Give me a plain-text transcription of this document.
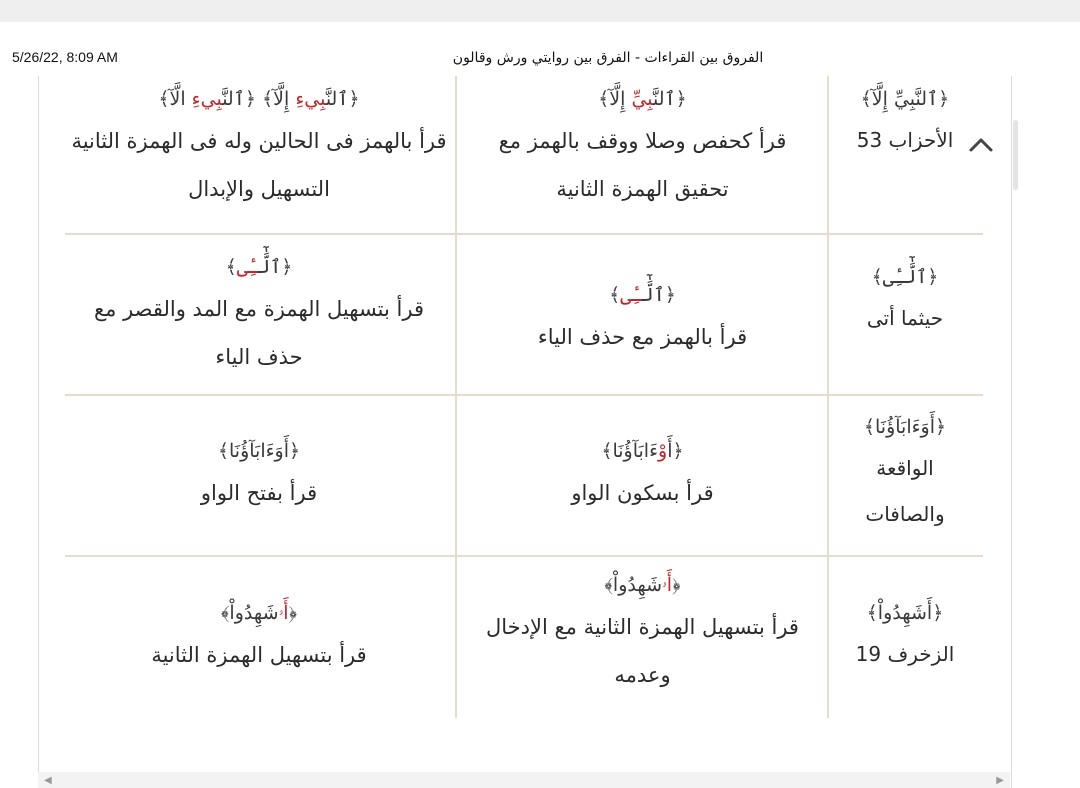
5/26/22, 8:09 AM	الفروق بين القراءات - الفرق بين روايتي ورش وقالون
﴿ٱلنَّبِيِّ إِلَّآ﴾
الأحزاب 53
﴿ٱلنَّبِيِّ إِلَّآ﴾
قرأ كحفص وصلا ووقف بالهمز مع
تحقيق الهمزة الثانية
﴿ٱلنَّبِيءِ إِلَّآ﴾ ﴿ٱلنَّبِيءِ الَّآ﴾
قرأ بالهمز فى الحالين وله فى الهمزة الثانية
التسهيل والإبدال
﴿ٱلَّٰٓـِٔى﴾
حيثما أتى
﴿ٱلَّٰٓـِٔى﴾
قرأ بالهمز مع حذف الياء
﴿ٱلَّٰٓـِٔى﴾
قرأ بتسهيل الهمزة مع المد والقصر مع
حذف الياء
﴿أَوَءَابَآؤُنَا﴾
الواقعة
والصافات
﴿أَوْءَابَآؤُنَا﴾
قرأ بسكون الواو
﴿أَوَءَابَآؤُنَا﴾
قرأ بفتح الواو
﴿أَشَهِدُواْ﴾
الزخرف 19
﴿أَۥشَهِدُواْ﴾
قرأ بتسهيل الهمزة الثانية مع الإدخال
وعدمه
﴿أَۥشَهِدُواْ﴾
قرأ بتسهيل الهمزة الثانية
◀	▶
